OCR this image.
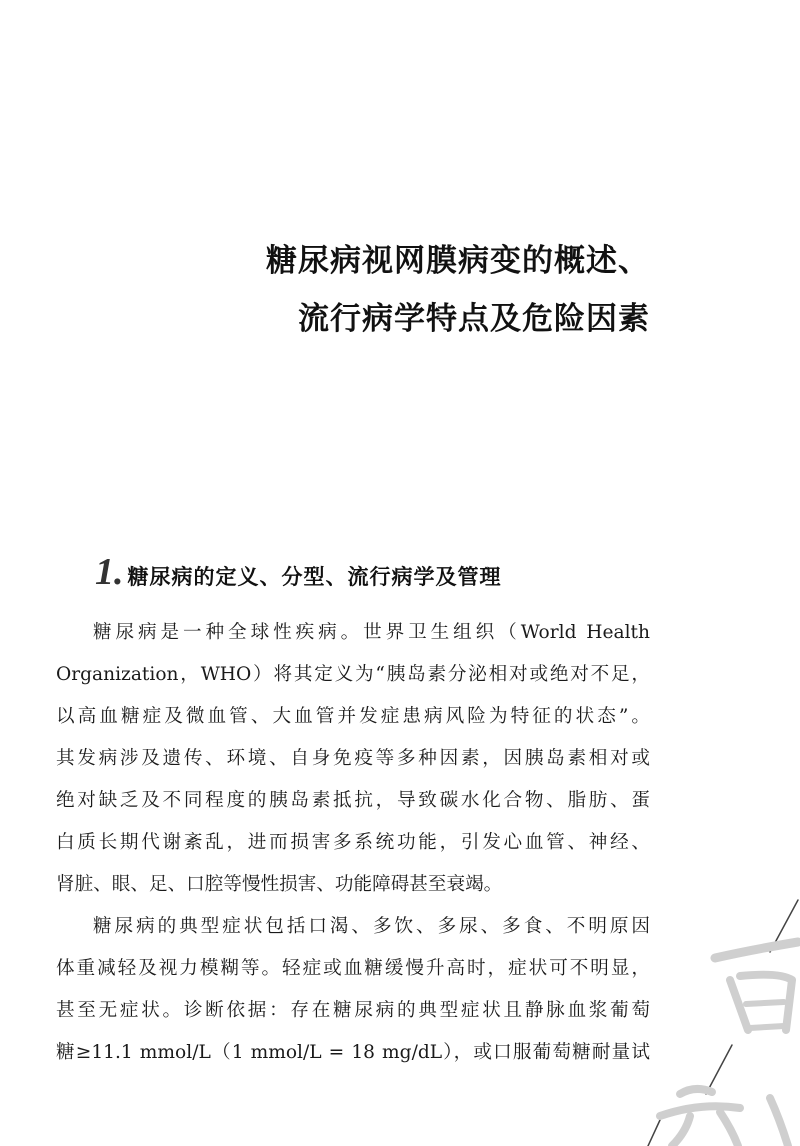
糖尿病视网膜病变的概述、
流行病学特点及危险因素
1. 糖尿病的定义、分型、流行病学及管理

糖尿病是一种全球性疾病。世界卫生组织（World Health
Organization，WHO）将其定义为“胰岛素分泌相对或绝对不足，
以高血糖症及微血管、大血管并发症患病风险为特征的状态”。
其发病涉及遗传、环境、自身免疫等多种因素，因胰岛素相对或
绝对缺乏及不同程度的胰岛素抵抗，导致碳水化合物、脂肪、蛋
白质长期代谢紊乱，进而损害多系统功能，引发心血管、神经、
肾脏、眼、足、口腔等慢性损害、功能障碍甚至衰竭。

糖尿病的典型症状包括口渴、多饮、多尿、多食、不明原因
体重减轻及视力模糊等。轻症或血糖缓慢升高时，症状可不明显，
甚至无症状。诊断依据：存在糖尿病的典型症状且静脉血浆葡萄
糖≥11.1 mmol/L（1 mmol/L = 18 mg/dL），或口服葡萄糖耐量试
